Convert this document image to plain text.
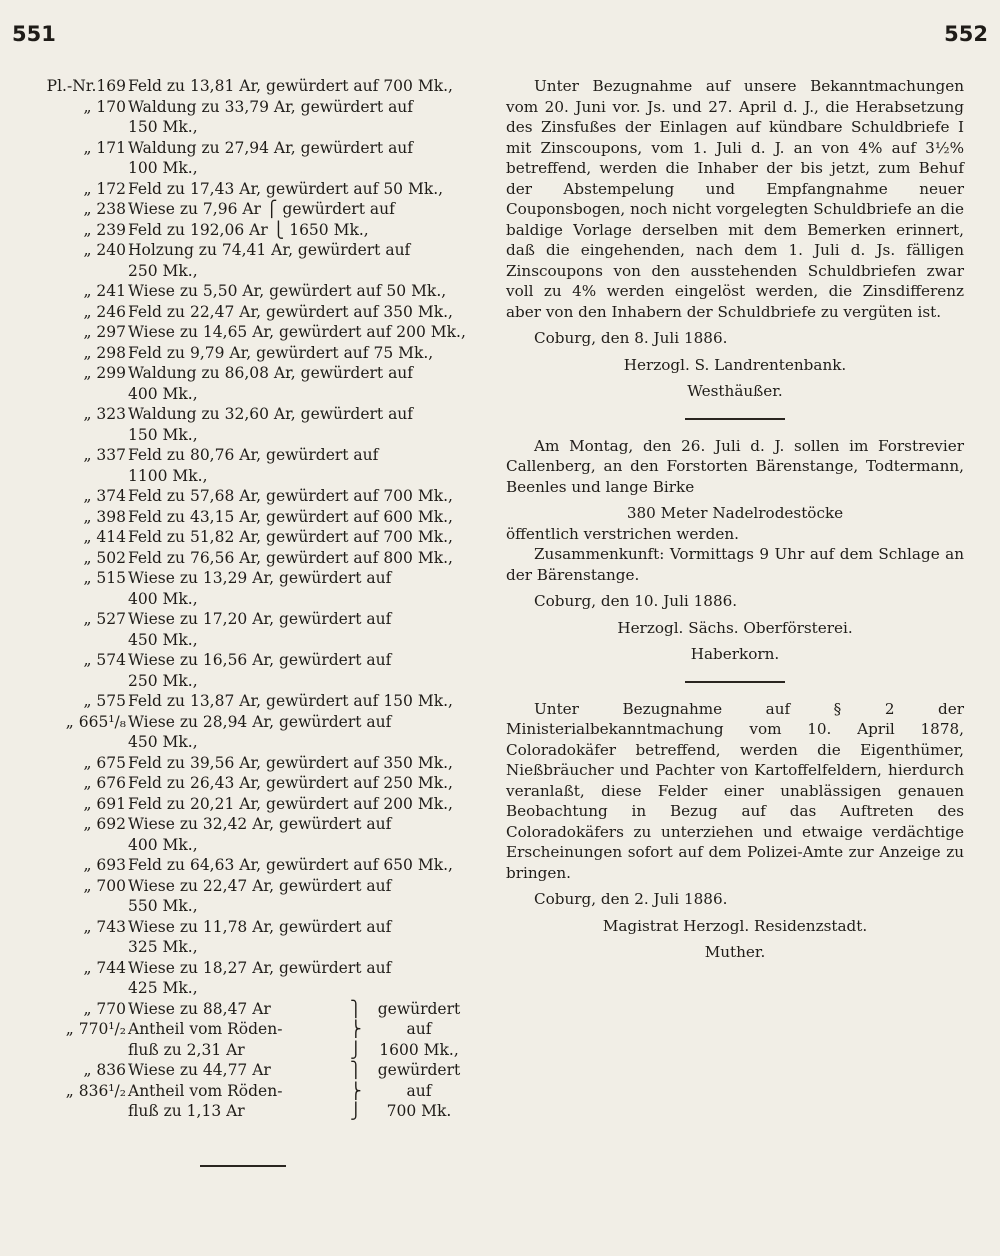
551	552
Pl.-Nr.169 Feld zu 13,81 Ar, gewürdert auf 700 Mk.,
„ 170 Waldung zu 33,79 Ar, gewürdert auf
150 Mk.,
„ 171 Waldung zu 27,94 Ar, gewürdert auf
100 Mk.,
„ 172 Feld zu 17,43 Ar, gewürdert auf 50 Mk.,
„ 238 Wiese zu 7,96 Ar ⎧ gewürdert auf
„ 239 Feld zu 192,06 Ar ⎩ 1650 Mk.,
„ 240 Holzung zu 74,41 Ar, gewürdert auf
250 Mk.,
„ 241 Wiese zu 5,50 Ar, gewürdert auf 50 Mk.,
„ 246 Feld zu 22,47 Ar, gewürdert auf 350 Mk.,
„ 297 Wiese zu 14,65 Ar, gewürdert auf 200 Mk.,
„ 298 Feld zu 9,79 Ar, gewürdert auf 75 Mk.,
„ 299 Waldung zu 86,08 Ar, gewürdert auf
400 Mk.,
„ 323 Waldung zu 32,60 Ar, gewürdert auf
150 Mk.,
„ 337 Feld zu 80,76 Ar, gewürdert auf
1100 Mk.,
„ 374 Feld zu 57,68 Ar, gewürdert auf 700 Mk.,
„ 398 Feld zu 43,15 Ar, gewürdert auf 600 Mk.,
„ 414 Feld zu 51,82 Ar, gewürdert auf 700 Mk.,
„ 502 Feld zu 76,56 Ar, gewürdert auf 800 Mk.,
„ 515 Wiese zu 13,29 Ar, gewürdert auf
400 Mk.,
„ 527 Wiese zu 17,20 Ar, gewürdert auf
450 Mk.,
„ 574 Wiese zu 16,56 Ar, gewürdert auf
250 Mk.,
„ 575 Feld zu 13,87 Ar, gewürdert auf 150 Mk.,
„ 665¹/₈ Wiese zu 28,94 Ar, gewürdert auf
450 Mk.,
„ 675 Feld zu 39,56 Ar, gewürdert auf 350 Mk.,
„ 676 Feld zu 26,43 Ar, gewürdert auf 250 Mk.,
„ 691 Feld zu 20,21 Ar, gewürdert auf 200 Mk.,
„ 692 Wiese zu 32,42 Ar, gewürdert auf
400 Mk.,
„ 693 Feld zu 64,63 Ar, gewürdert auf 650 Mk.,
„ 700 Wiese zu 22,47 Ar, gewürdert auf
550 Mk.,
„ 743 Wiese zu 11,78 Ar, gewürdert auf
325 Mk.,
„ 744 Wiese zu 18,27 Ar, gewürdert auf
425 Mk.,
„ 770 Wiese zu 88,47 Ar	⎫	gewürdert
„ 770¹/₂ Antheil vom Röden-	⎬	auf
fluß zu 2,31 Ar	⎭	1600 Mk.,
„ 836 Wiese zu 44,77 Ar	⎫	gewürdert
„ 836¹/₂ Antheil vom Röden-	⎬	auf
fluß zu 1,13 Ar	⎭	700 Mk.

Unter Bezugnahme auf unsere Bekanntmachungen vom 20. Juni vor. Js. und 27. April d. J., die Herabsetzung des Zinsfußes der Einlagen auf kündbare Schuldbriefe I mit Zinscoupons, vom 1. Juli d. J. an von 4% auf 3½% betreffend, werden die Inhaber der bis jetzt, zum Behuf der Abstempelung und Empfangnahme neuer Couponsbogen, noch nicht vorgelegten Schuldbriefe an die baldige Vorlage derselben mit dem Bemerken erinnert, daß die eingehenden, nach dem 1. Juli d. Js. fälligen Zinscoupons von den ausstehenden Schuldbriefen zwar voll zu 4% werden eingelöst werden, die Zinsdifferenz aber von den Inhabern der Schuldbriefe zu vergüten ist.

Coburg, den 8. Juli 1886.

Herzogl. S. Landrentenbank.

Westhäußer.

Am Montag, den 26. Juli d. J. sollen im Forstrevier Callenberg, an den Forstorten Bärenstange, Todtermann, Beenles und lange Birke

380 Meter Nadelrodestöcke

öffentlich verstrichen werden.

Zusammenkunft: Vormittags 9 Uhr auf dem Schlage an der Bärenstange.

Coburg, den 10. Juli 1886.

Herzogl. Sächs. Oberförsterei.

Haberkorn.

Unter Bezugnahme auf § 2 der Ministerialbekanntmachung vom 10. April 1878, Coloradokäfer betreffend, werden die Eigenthümer, Nießbräucher und Pachter von Kartoffelfeldern, hierdurch veranlaßt, diese Felder einer unablässigen genauen Beobachtung in Bezug auf das Auftreten des Coloradokäfers zu unterziehen und etwaige verdächtige Erscheinungen sofort auf dem Polizei-Amte zur Anzeige zu bringen.

Coburg, den 2. Juli 1886.

Magistrat Herzogl. Residenzstadt.

Muther.
